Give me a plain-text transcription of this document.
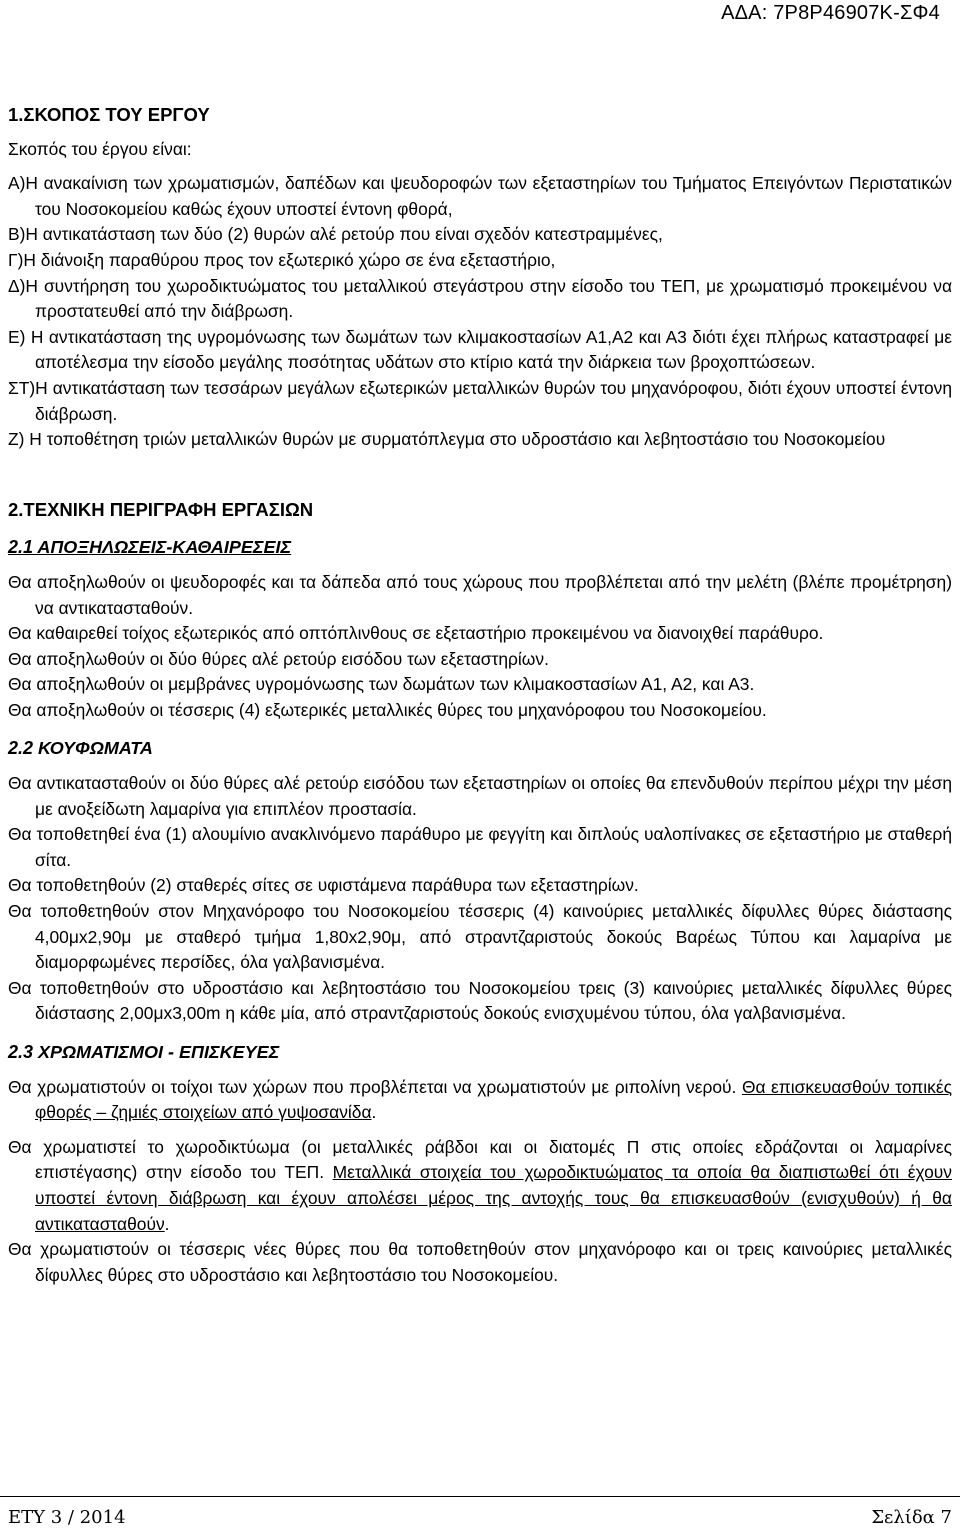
ΑΔΑ: 7Ρ8Ρ46907Κ-ΣΦ4
1.ΣΚΟΠΟΣ ΤΟΥ ΕΡΓΟΥ
Σκοπός του έργου είναι:
Α)Η ανακαίνιση των χρωματισμών, δαπέδων και ψευδοροφών των εξεταστηρίων του Τμήματος Επειγόντων Περιστατικών του Νοσοκομείου καθώς έχουν υποστεί έντονη φθορά,
Β)Η αντικατάσταση των δύο (2) θυρών αλέ ρετούρ που είναι σχεδόν κατεστραμμένες,
Γ)Η διάνοιξη παραθύρου προς τον εξωτερικό χώρο σε ένα εξεταστήριο,
Δ)Η συντήρηση του χωροδικτυώματος του μεταλλικού στεγάστρου στην είσοδο του ΤΕΠ, με χρωματισμό προκειμένου να προστατευθεί από την διάβρωση.
Ε) Η αντικατάσταση της υγρομόνωσης των δωμάτων των κλιμακοστασίων Α1,Α2 και Α3 διότι έχει πλήρως καταστραφεί με αποτέλεσμα την είσοδο μεγάλης ποσότητας υδάτων στο κτίριο κατά την διάρκεια των βροχοπτώσεων.
ΣΤ)Η αντικατάσταση των τεσσάρων μεγάλων εξωτερικών μεταλλικών θυρών του μηχανόροφου, διότι έχουν υποστεί έντονη διάβρωση.
Ζ) Η τοποθέτηση τριών μεταλλικών θυρών με συρματόπλεγμα στο υδροστάσιο και λεβητοστάσιο του Νοσοκομείου
2.ΤΕΧΝΙΚΗ ΠΕΡΙΓΡΑΦΗ ΕΡΓΑΣΙΩΝ
2.1 ΑΠΟΞΗΛΩΣΕΙΣ-ΚΑΘΑΙΡΕΣΕΙΣ
Θα αποξηλωθούν οι ψευδοροφές και τα δάπεδα από τους χώρους που προβλέπεται από την μελέτη (βλέπε προμέτρηση) να αντικατασταθούν.
Θα καθαιρεθεί τοίχος εξωτερικός από οπτόπλινθους σε εξεταστήριο προκειμένου να διανοιχθεί παράθυρο.
Θα αποξηλωθούν οι δύο θύρες αλέ ρετούρ εισόδου των εξεταστηρίων.
Θα αποξηλωθούν οι μεμβράνες υγρομόνωσης των δωμάτων των κλιμακοστασίων Α1, Α2, και Α3.
Θα αποξηλωθούν οι τέσσερις (4) εξωτερικές μεταλλικές θύρες του μηχανόροφου του Νοσοκομείου.
2.2 ΚΟΥΦΩΜΑΤΑ
Θα αντικατασταθούν οι δύο θύρες αλέ ρετούρ εισόδου των εξεταστηρίων οι οποίες θα επενδυθούν περίπου μέχρι την μέση με ανοξείδωτη λαμαρίνα για επιπλέον προστασία.
Θα τοποθετηθεί ένα (1) αλουμίνιο ανακλινόμενο παράθυρο με φεγγίτη και διπλούς υαλοπίνακες σε εξεταστήριο με σταθερή σίτα.
Θα τοποθετηθούν (2) σταθερές σίτες σε υφιστάμενα παράθυρα των εξεταστηρίων.
Θα τοποθετηθούν στον Μηχανόροφο του Νοσοκομείου τέσσερις (4) καινούριες μεταλλικές δίφυλλες θύρες διάστασης 4,00μx2,90μ με σταθερό τμήμα 1,80x2,90μ, από στραντζαριστούς δοκούς Βαρέως Τύπου και λαμαρίνα με διαμορφωμένες περσίδες, όλα γαλβανισμένα.
Θα τοποθετηθούν στο υδροστάσιο και λεβητοστάσιο του Νοσοκομείου τρεις (3) καινούριες μεταλλικές δίφυλλες θύρες διάστασης 2,00μx3,00m η κάθε μία, από στραντζαριστούς δοκούς ενισχυμένου τύπου, όλα γαλβανισμένα.
2.3 ΧΡΩΜΑΤΙΣΜΟΙ - ΕΠΙΣΚΕΥΕΣ
Θα χρωματιστούν οι τοίχοι των χώρων που προβλέπεται να χρωματιστούν με ριπολίνη νερού. Θα επισκευασθούν τοπικές φθορές – ζημιές στοιχείων από γυψοσανίδα.
Θα χρωματιστεί το χωροδικτύωμα (οι μεταλλικές ράβδοι και οι διατομές Π στις οποίες εδράζονται οι λαμαρίνες επιστέγασης) στην είσοδο του ΤΕΠ. Μεταλλικά στοιχεία του χωροδικτυώματος τα οποία θα διαπιστωθεί ότι έχουν υποστεί έντονη διάβρωση και έχουν απολέσει μέρος της αντοχής τους θα επισκευασθούν (ενισχυθούν) ή θα αντικατασταθούν.
Θα χρωματιστούν οι τέσσερις νέες θύρες που θα τοποθετηθούν στον μηχανόροφο και οι τρεις καινούριες μεταλλικές δίφυλλες θύρες στο υδροστάσιο και λεβητοστάσιο του Νοσοκομείου.
ΕΤΥ 3 / 2014	Σελίδα 7
